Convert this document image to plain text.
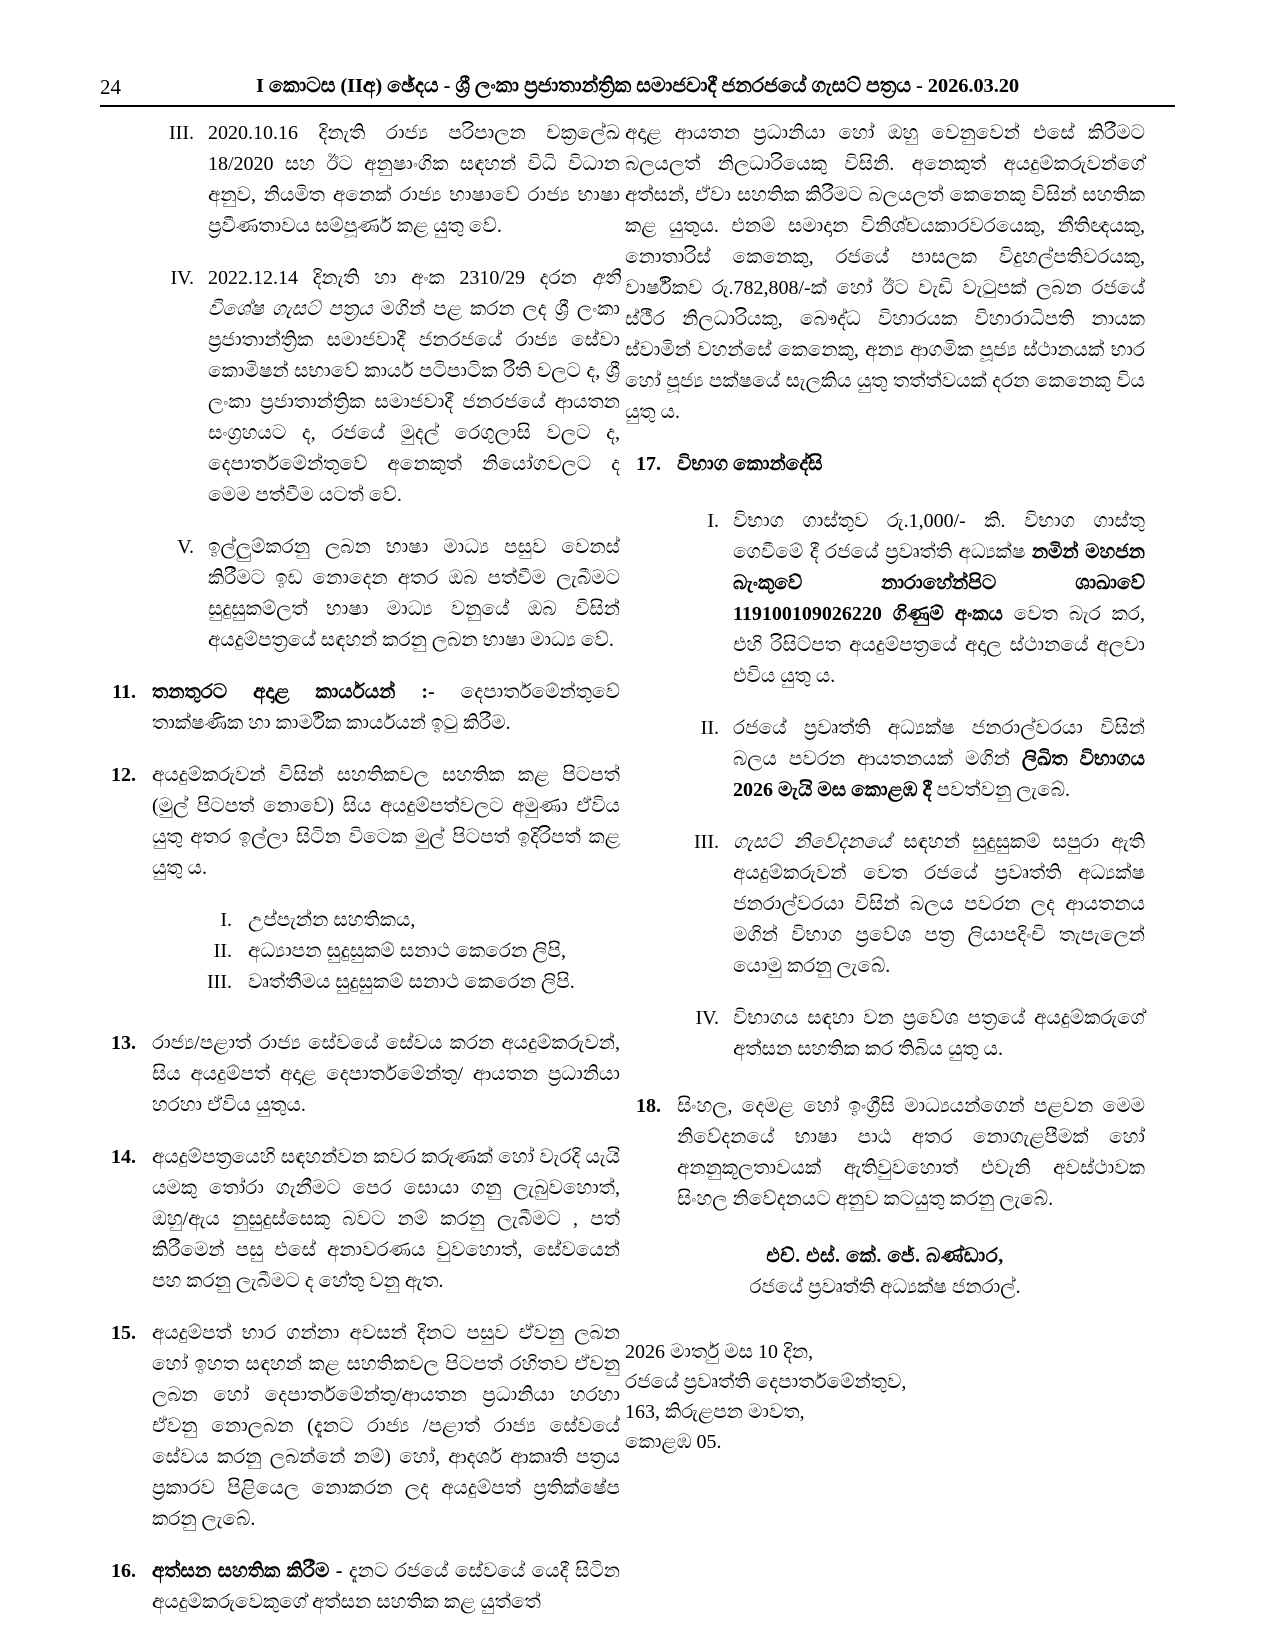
24	I කොටස (IIඅ) ඡේදය - ශ්‍රී ලංකා ප්‍රජාතාන්ත්‍රික සමාජවාදී ජනරජයේ ගැසට් පත්‍රය - 2026.03.20
III. 2020.10.16 දිනැති රාජ්‍ය පරිපාලන චක්‍රලේඛ 18/2020 සහ ඊට අනුෂාංගික සඳහන් විධි විධාන අනුව, නියමිත අනෙක් රාජ්‍ය භාෂාවේ රාජ්‍ය භාෂා ප්‍රවීණතාවය සම්පූර්ණ කළ යුතු වේ.
IV. 2022.12.14 දිනැති හා අංක 2310/29 දරන අති විශේෂ ගැසට් පත්‍රය මගින් පළ කරන ලද ශ්‍රී ලංකා ප්‍රජාතාන්ත්‍රික සමාජවාදී ජනරජයේ රාජ්‍ය සේවා කොමිෂන් සභාවේ කාර්ය පටිපාටික රීති වලට ද, ශ්‍රී ලංකා ප්‍රජාතාන්ත්‍රික සමාජවාදී ජනරජයේ ආයතන සංග්‍රහයට ද, රජයේ මුදල් රෙගුලාසි වලට ද, දෙපාර්තමේන්තුවේ අනෙකුත් නියෝගවලට ද මෙම පත්වීම යටත් වේ.
V. ඉල්ලුම්කරනු ලබන භාෂා මාධ්‍ය පසුව වෙනස් කිරීමට ඉඩ නොදෙන අතර ඔබ පත්වීම ලැබීමට සුදුසුකම්ලත් භාෂා මාධ්‍ය වනුයේ ඔබ විසින් අයදුම්පත්‍රයේ සඳහන් කරනු ලබන භාෂා මාධ්‍ය වේ.
11. තනතුරට අදාළ කාර්යයන් :- දෙපාර්තමේන්තුවේ තාක්ෂණික හා කාර්මික කාර්යයන් ඉටු කිරීම.
12. අයදුම්කරුවන් විසින් සහතිකවල සහතික කළ පිටපත් (මුල් පිටපත් නොවේ) සිය අයදුම්පත්වලට අමුණා ඒවිය යුතු අතර ඉල්ලා සිටින විටෙක මුල් පිටපත් ඉදිරිපත් කළ යුතු ය.
I. උප්පැන්න සහතිකය,
II. අධ්‍යාපන සුදුසුකම් සනාථ කෙරෙන ලිපි,
III. වෘත්තීමය සුදුසුකම් සනාථ කෙරෙන ලිපි.
13. රාජ්‍ය/පළාත් රාජ්‍ය සේවයේ සේවය කරන අයදුම්කරුවන්, සිය අයදුම්පත් අදාළ දෙපාර්තමේන්තු/ ආයතන ප්‍රධානියා හරහා ඒවිය යුතුය.
14. අයදුම්පත්‍රයෙහි සඳහන්වන කවර කරුණක් හෝ වැරදි යැයි යමකු තෝරා ගැනීමට පෙර සොයා ගනු ලැබුවහොත්, ඔහු/ඇය නුසුදුස්සෙකු බවට නම් කරනු ලැබීමට , පත් කිරීමෙන් පසු එසේ අනාවරණය වුවහොත්, සේවයෙන් පහ කරනු ලැබීමට ද හේතු වනු ඇත.
15. අයදුම්පත් භාර ගන්නා අවසන් දිනට පසුව ඒවනු ලබන හෝ ඉහත සඳහන් කළ සහතිකවල පිටපත් රහිතව ඒවනු ලබන හෝ දෙපාර්තමේන්තු/ආයතන ප්‍රධානියා හරහා ඒවනු නොලබන (දැනට රාජ්‍ය /පළාත් රාජ්‍ය සේවයේ සේවය කරනු ලබන්නේ නම්) හෝ, ආදර්ශ ආකෘති පත්‍රය ප්‍රකාරව පිළියෙල නොකරන ලද අයදුම්පත් ප්‍රතික්ෂේප කරනු ලැබේ.
16. අත්සන සහතික කිරීම - දැනට රජයේ සේවයේ යෙදී සිටින අයදුම්කරුවෙකුගේ අත්සන සහතික කළ යුත්තේ
අදාළ ආයතන ප්‍රධානියා හෝ ඔහු වෙනුවෙන් එසේ කිරීමට බලයලත් නිලධාරියෙකු විසිනි. අනෙකුත් අයදුම්කරුවන්ගේ අත්සන්, ඒවා සහතික කිරීමට බලයලත් කෙනෙකු විසින් සහතික කළ යුතුය. එනම් සමාදාන විනිශ්චයකාරවරයෙකු, නීතිඥයකු, නොතාරිස් කෙනෙකු, රජයේ පාසලක විදුහල්පතිවරයකු, වාර්ෂිකව රු.782,808/-ක් හෝ ඊට වැඩි වැටුපක් ලබන රජයේ ස්ථීර නිලධාරියකු, බෞද්ධ විහාරයක විහාරාධිපති නායක ස්වාමින් වහන්සේ කෙනෙකු, අන්‍ය ආගමික පූජ්‍ය ස්ථානයක් භාර හෝ පූජ්‍ය පක්ෂයේ සැලකිය යුතු තත්ත්වයක් දරන කෙනෙකු විය යුතු ය.
17. විභාග කොන්දේසි
I. විභාග ගාස්තුව රු.1,000/- කි. විභාග ගාස්තු ගෙවීමේ දී රජයේ ප්‍රවෘත්ති අධ්‍යක්ෂ නමින් මහජන බැංකුවේ නාරාහේන්පිට ශාඛාවේ 119100109026220 ගිණුම් අංකය වෙත බැර කර, එහි රිසිට්පත අයදුම්පත්‍රයේ අදාල ස්ථානයේ අලවා එවිය යුතු ය.
II. රජයේ ප්‍රවෘත්ති අධ්‍යක්ෂ ජනරාල්වරයා විසින් බලය පවරන ආයතනයක් මගින් ලිඛිත විභාගය 2026 මැයි මස කොළඹ දී පවත්වනු ලැබේ.
III. ගැසට් නිවේදනයේ සඳහන් සුදුසුකම් සපුරා ඇති අයදුම්කරුවන් වෙත රජයේ ප්‍රවෘත්ති අධ්‍යක්ෂ ජනරාල්වරයා විසින් බලය පවරන ලද ආයතනය මගින් විභාග ප්‍රවේශ පත්‍ර ලියාපදිංචි තැපැලෙන් යොමු කරනු ලැබේ.
IV. විභාගය සඳහා වන ප්‍රවේශ පත්‍රයේ අයදුම්කරුගේ අත්සන සහතික කර තිබිය යුතු ය.
18. සිංහල, දෙමළ හෝ ඉංග්‍රීසි මාධ්‍යයන්ගෙන් පළවන මෙම නිවේදනයේ භාෂා පාඨ අතර නොගැළපීමක් හෝ අනනුකූලතාවයක් ඇතිවුවහොත් එවැනි අවස්ථාවක සිංහල නිවේදනයට අනුව කටයුතු කරනු ලැබේ.
එච්. එස්. කේ. ජේ. බණ්ඩාර,
රජයේ ප්‍රවෘත්ති අධ්‍යක්ෂ ජනරාල්.
2026 මාර්තු මස 10 දින,
රජයේ ප්‍රවෘත්ති දෙපාර්තමේන්තුව,
163, කිරුළපන මාවත,
කොළඹ 05.
